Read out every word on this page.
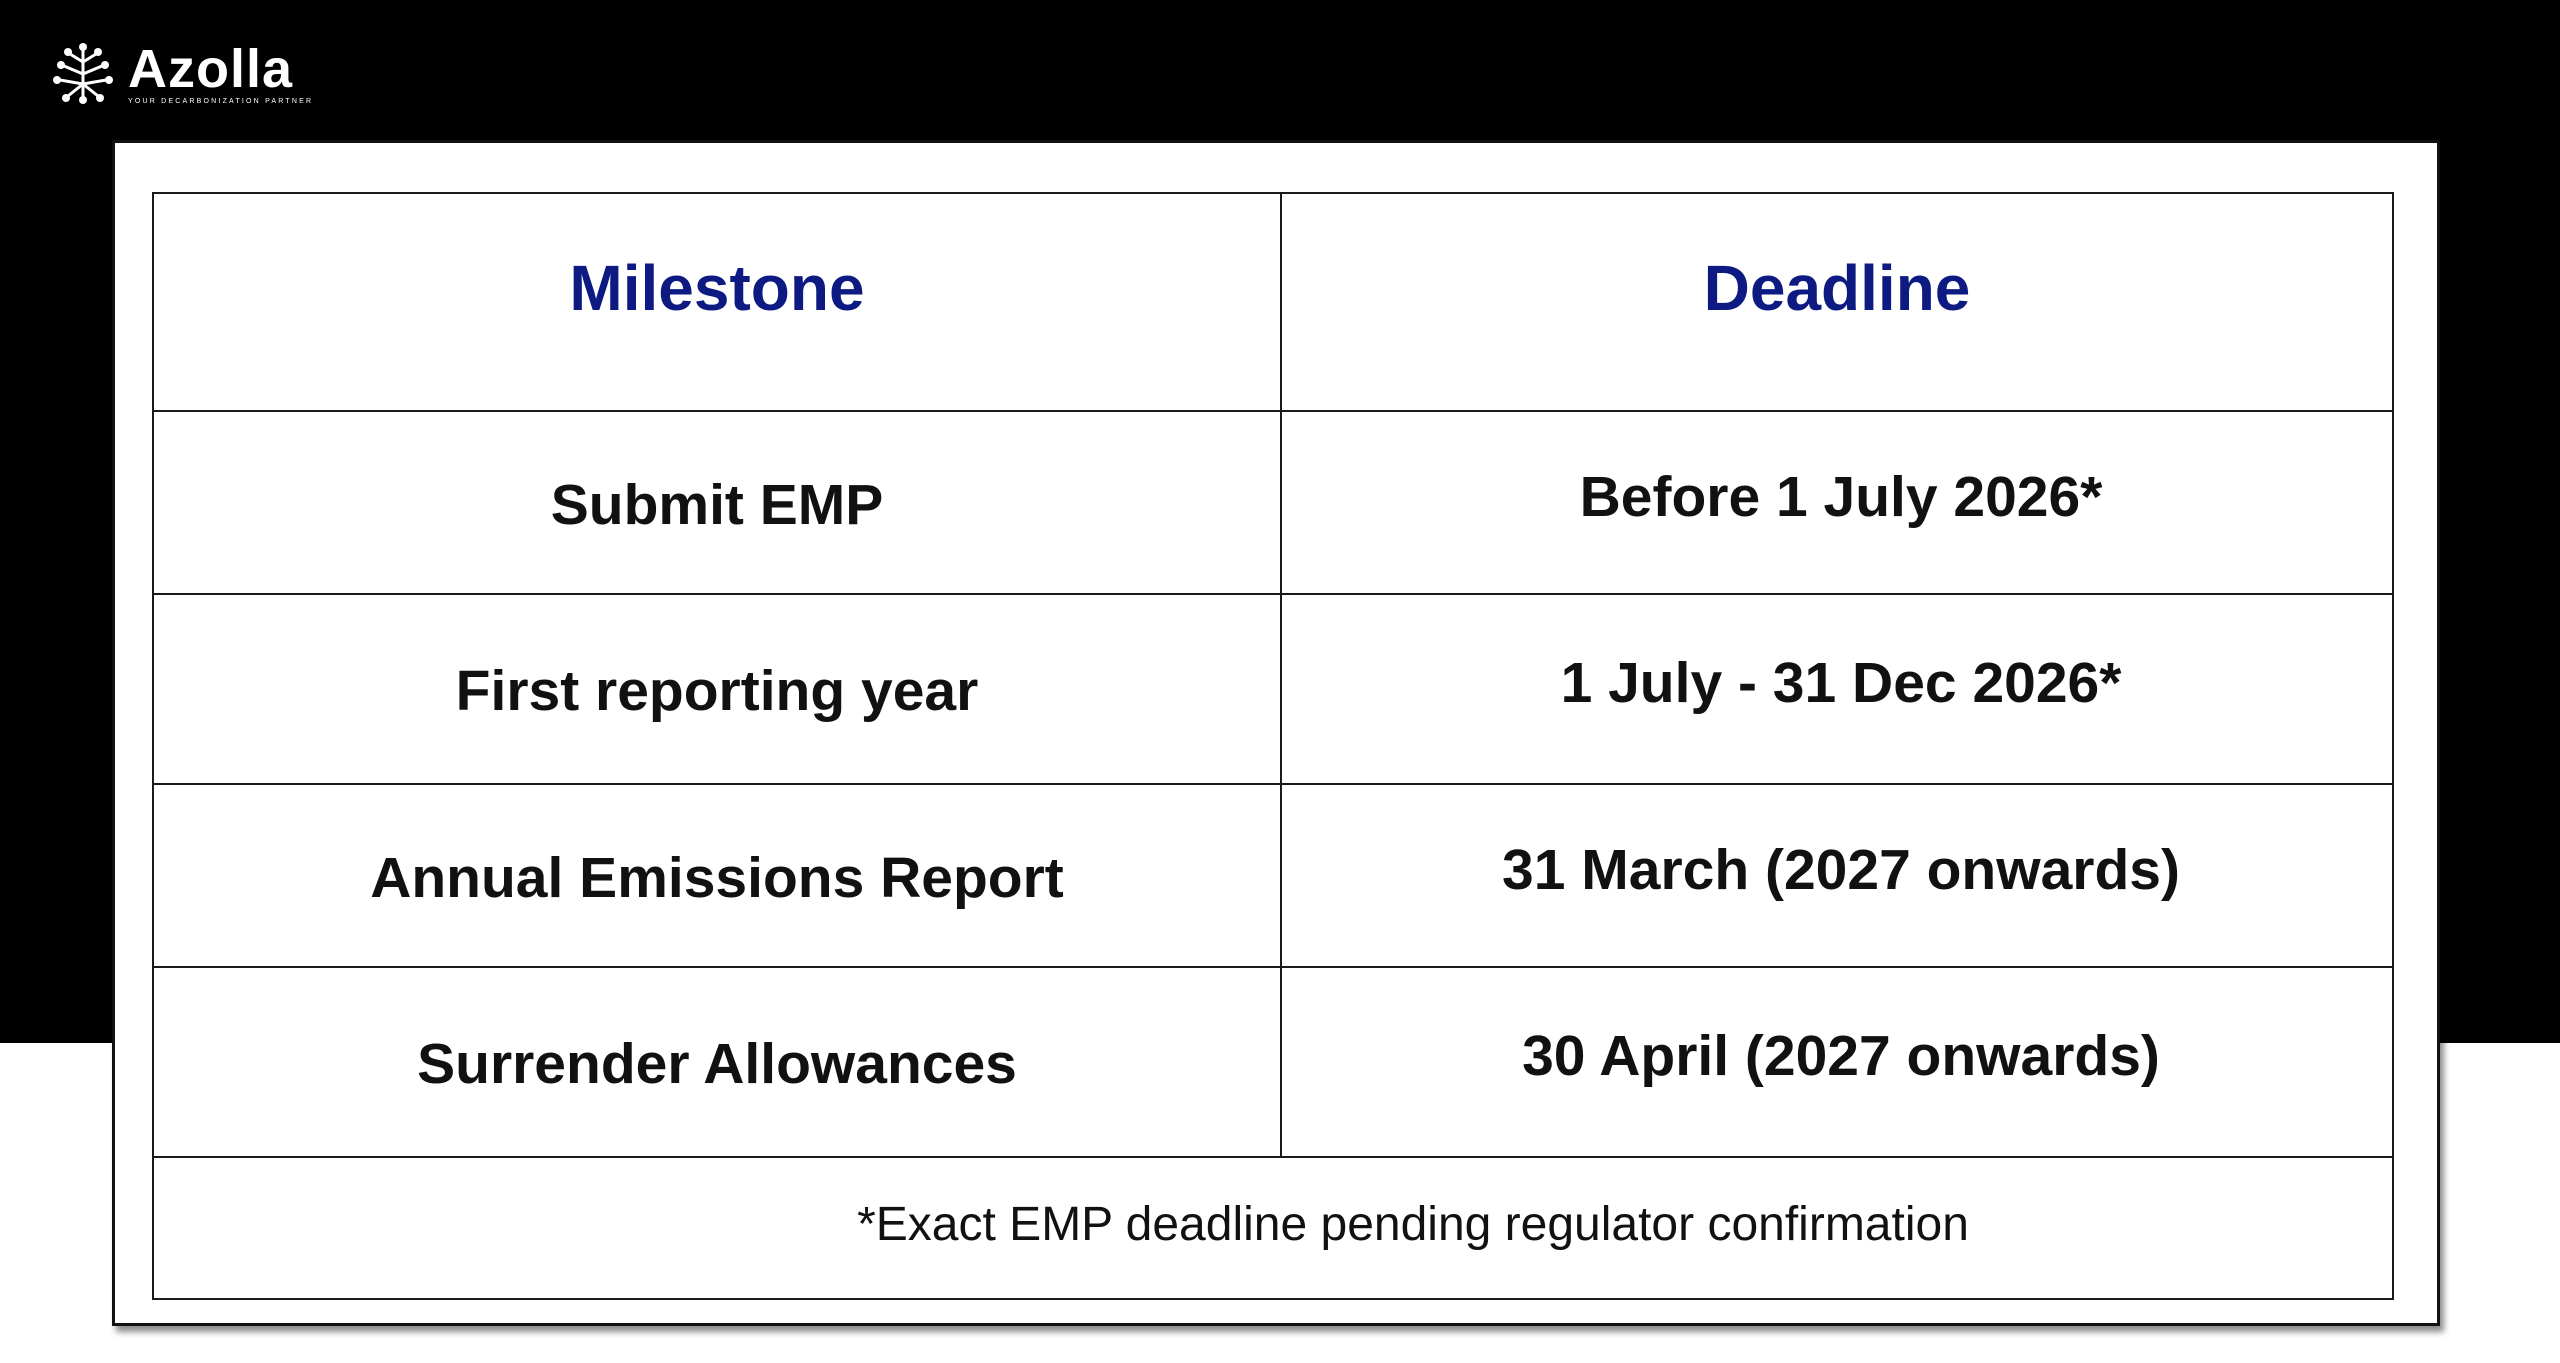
Azolla
YOUR DECARBONIZATION PARTNER
Milestone	Deadline
Submit EMP	Before 1 July 2026*
First reporting year	1 July - 31 Dec 2026*
Annual Emissions Report	31 March (2027 onwards)
Surrender Allowances	30 April (2027 onwards)
*Exact EMP deadline pending regulator confirmation	
